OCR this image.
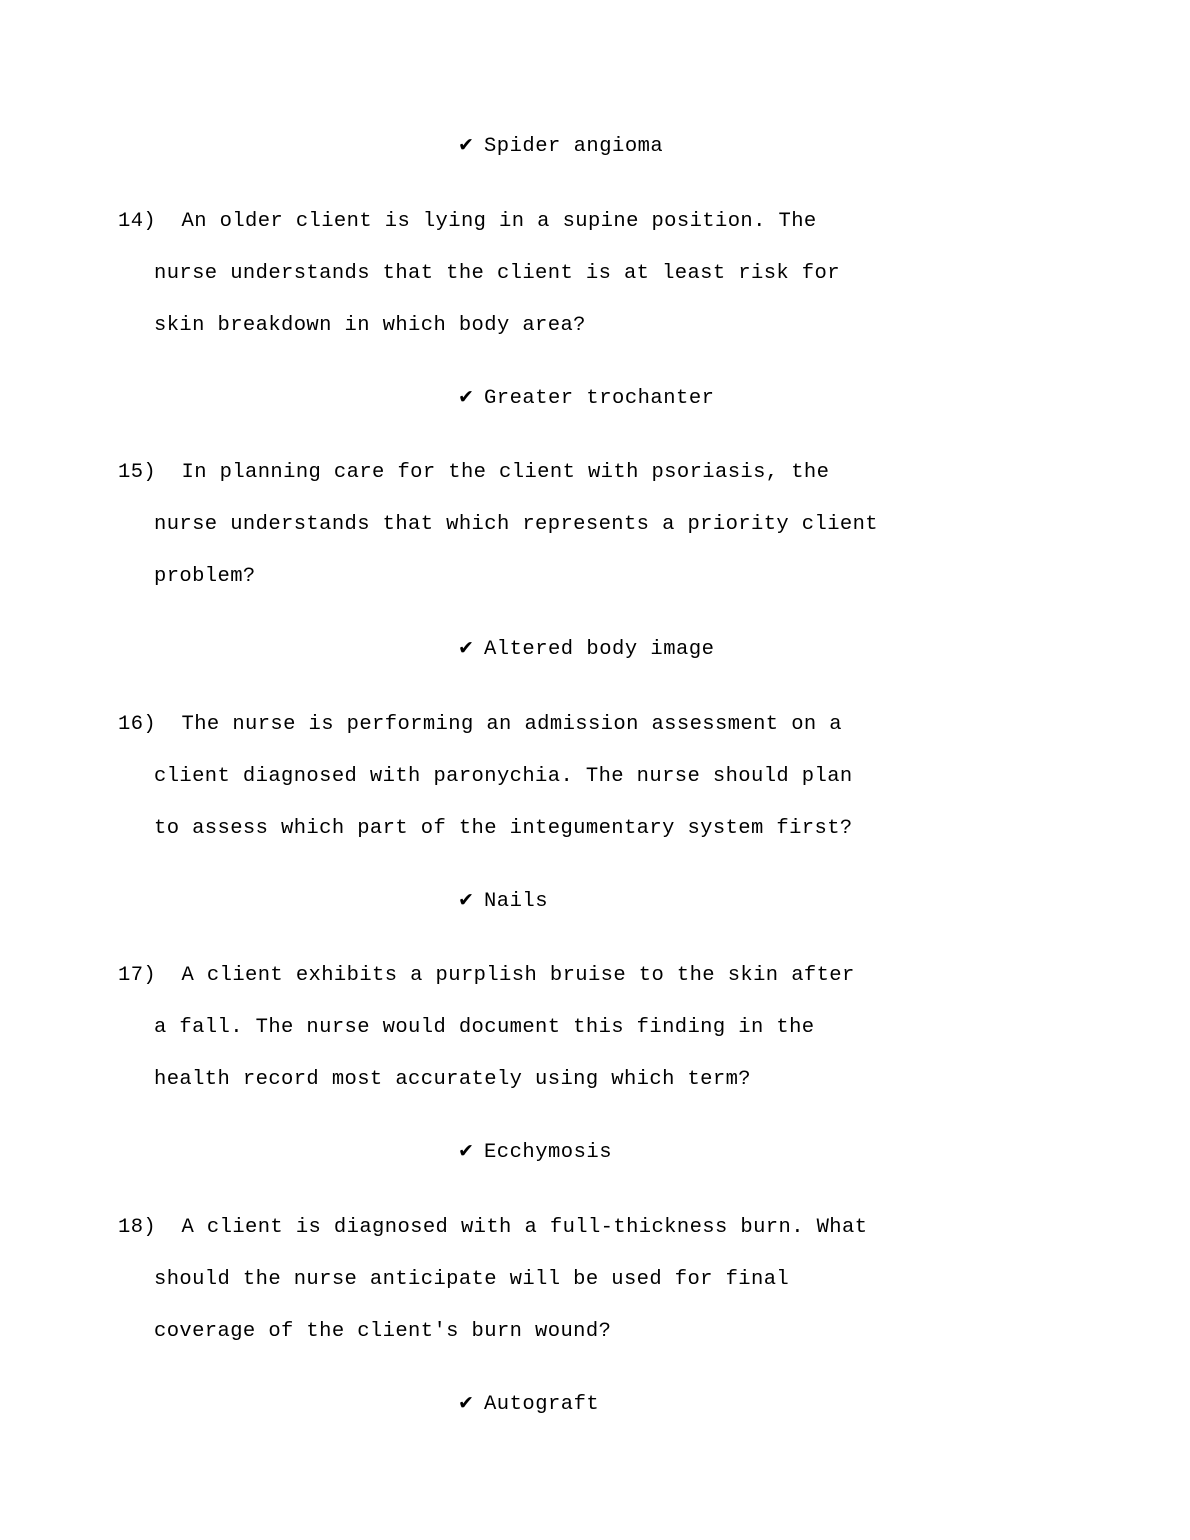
✔ Spider angioma
14)  An older client is lying in a supine position. The
nurse understands that the client is at least risk for
skin breakdown in which body area?
✔ Greater trochanter
15)  In planning care for the client with psoriasis, the
nurse understands that which represents a priority client
problem?
✔ Altered body image
16)  The nurse is performing an admission assessment on a
client diagnosed with paronychia. The nurse should plan
to assess which part of the integumentary system first?
✔ Nails
17)  A client exhibits a purplish bruise to the skin after
a fall. The nurse would document this finding in the
health record most accurately using which term?
✔ Ecchymosis
18)  A client is diagnosed with a full-thickness burn. What
should the nurse anticipate will be used for final
coverage of the client's burn wound?
✔ Autograft
